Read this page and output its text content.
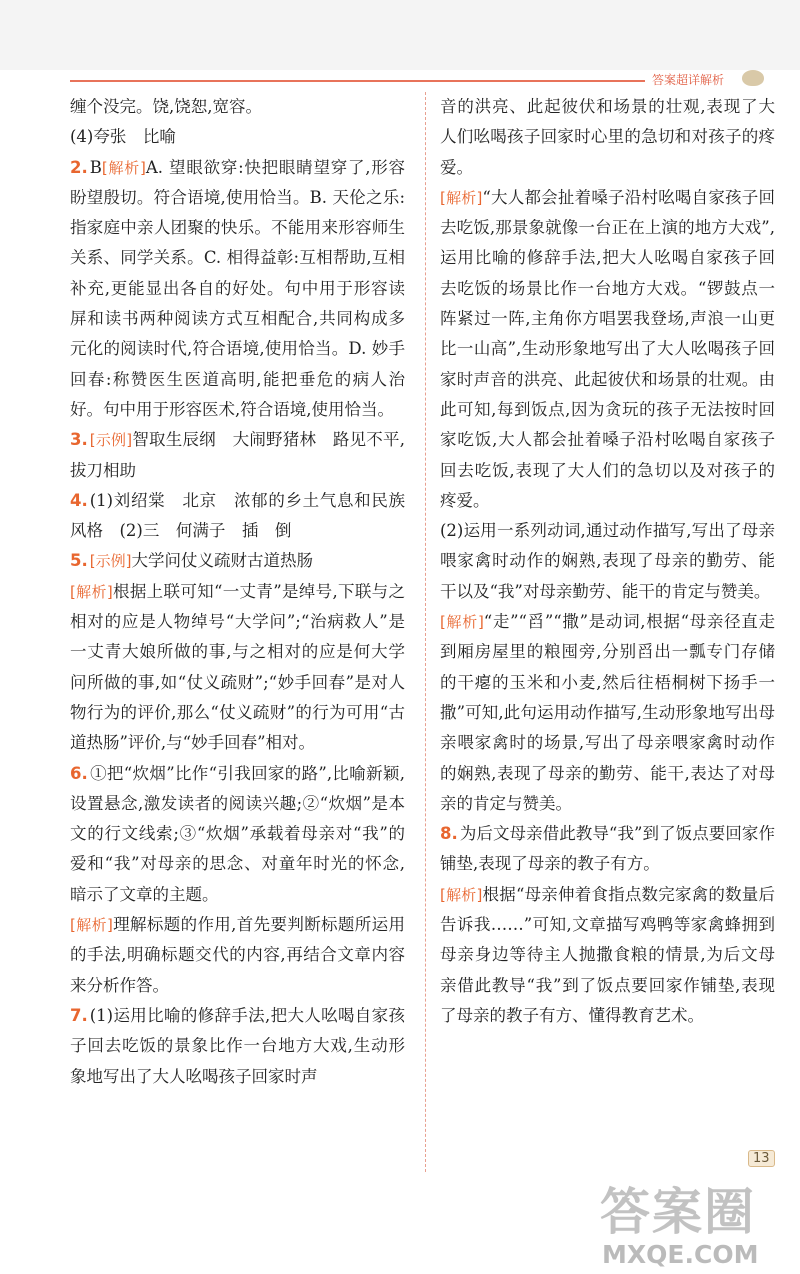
答案超详解析
缠个没完。饶,饶恕,宽容。
(4)夸张　比喻
2. B[解析]A. 望眼欲穿:快把眼睛望穿了,形容盼望殷切。符合语境,使用恰当。B. 天伦之乐:指家庭中亲人团聚的快乐。不能用来形容师生关系、同学关系。C. 相得益彰:互相帮助,互相补充,更能显出各自的好处。句中用于形容读屏和读书两种阅读方式互相配合,共同构成多元化的阅读时代,符合语境,使用恰当。D. 妙手回春:称赞医生医道高明,能把垂危的病人治好。句中用于形容医术,符合语境,使用恰当。
3. [示例]智取生辰纲　大闹野猪林　路见不平,拔刀相助
4. (1)刘绍棠　北京　浓郁的乡土气息和民族风格　(2)三　何满子　插　倒
5. [示例]大学问仗义疏财古道热肠
[解析]根据上联可知“一丈青”是绰号,下联与之相对的应是人物绰号“大学问”;“治病救人”是一丈青大娘所做的事,与之相对的应是何大学问所做的事,如“仗义疏财”;“妙手回春”是对人物行为的评价,那么“仗义疏财”的行为可用“古道热肠”评价,与“妙手回春”相对。
6. ①把“炊烟”比作“引我回家的路”,比喻新颖,设置悬念,激发读者的阅读兴趣;②“炊烟”是本文的行文线索;③“炊烟”承载着母亲对“我”的爱和“我”对母亲的思念、对童年时光的怀念,暗示了文章的主题。
[解析]理解标题的作用,首先要判断标题所运用的手法,明确标题交代的内容,再结合文章内容来分析作答。
7. (1)运用比喻的修辞手法,把大人吆喝自家孩子回去吃饭的景象比作一台地方大戏,生动形象地写出了大人吆喝孩子回家时声
音的洪亮、此起彼伏和场景的壮观,表现了大人们吆喝孩子回家时心里的急切和对孩子的疼爱。
[解析]“大人都会扯着嗓子沿村吆喝自家孩子回去吃饭,那景象就像一台正在上演的地方大戏”,运用比喻的修辞手法,把大人吆喝自家孩子回去吃饭的场景比作一台地方大戏。“锣鼓点一阵紧过一阵,主角你方唱罢我登场,声浪一山更比一山高”,生动形象地写出了大人吆喝孩子回家时声音的洪亮、此起彼伏和场景的壮观。由此可知,每到饭点,因为贪玩的孩子无法按时回家吃饭,大人都会扯着嗓子沿村吆喝自家孩子回去吃饭,表现了大人们的急切以及对孩子的疼爱。
(2)运用一系列动词,通过动作描写,写出了母亲喂家禽时动作的娴熟,表现了母亲的勤劳、能干以及“我”对母亲勤劳、能干的肯定与赞美。
[解析]“走”“舀”“撒”是动词,根据“母亲径直走到厢房屋里的粮囤旁,分别舀出一瓢专门存储的干瘪的玉米和小麦,然后往梧桐树下扬手一撒”可知,此句运用动作描写,生动形象地写出母亲喂家禽时的场景,写出了母亲喂家禽时动作的娴熟,表现了母亲的勤劳、能干,表达了对母亲的肯定与赞美。
8. 为后文母亲借此教导“我”到了饭点要回家作铺垫,表现了母亲的教子有方。
[解析]根据“母亲伸着食指点数完家禽的数量后告诉我……”可知,文章描写鸡鸭等家禽蜂拥到母亲身边等待主人抛撒食粮的情景,为后文母亲借此教导“我”到了饭点要回家作铺垫,表现了母亲的教子有方、懂得教育艺术。
13
答案圈
MXQE.COM
